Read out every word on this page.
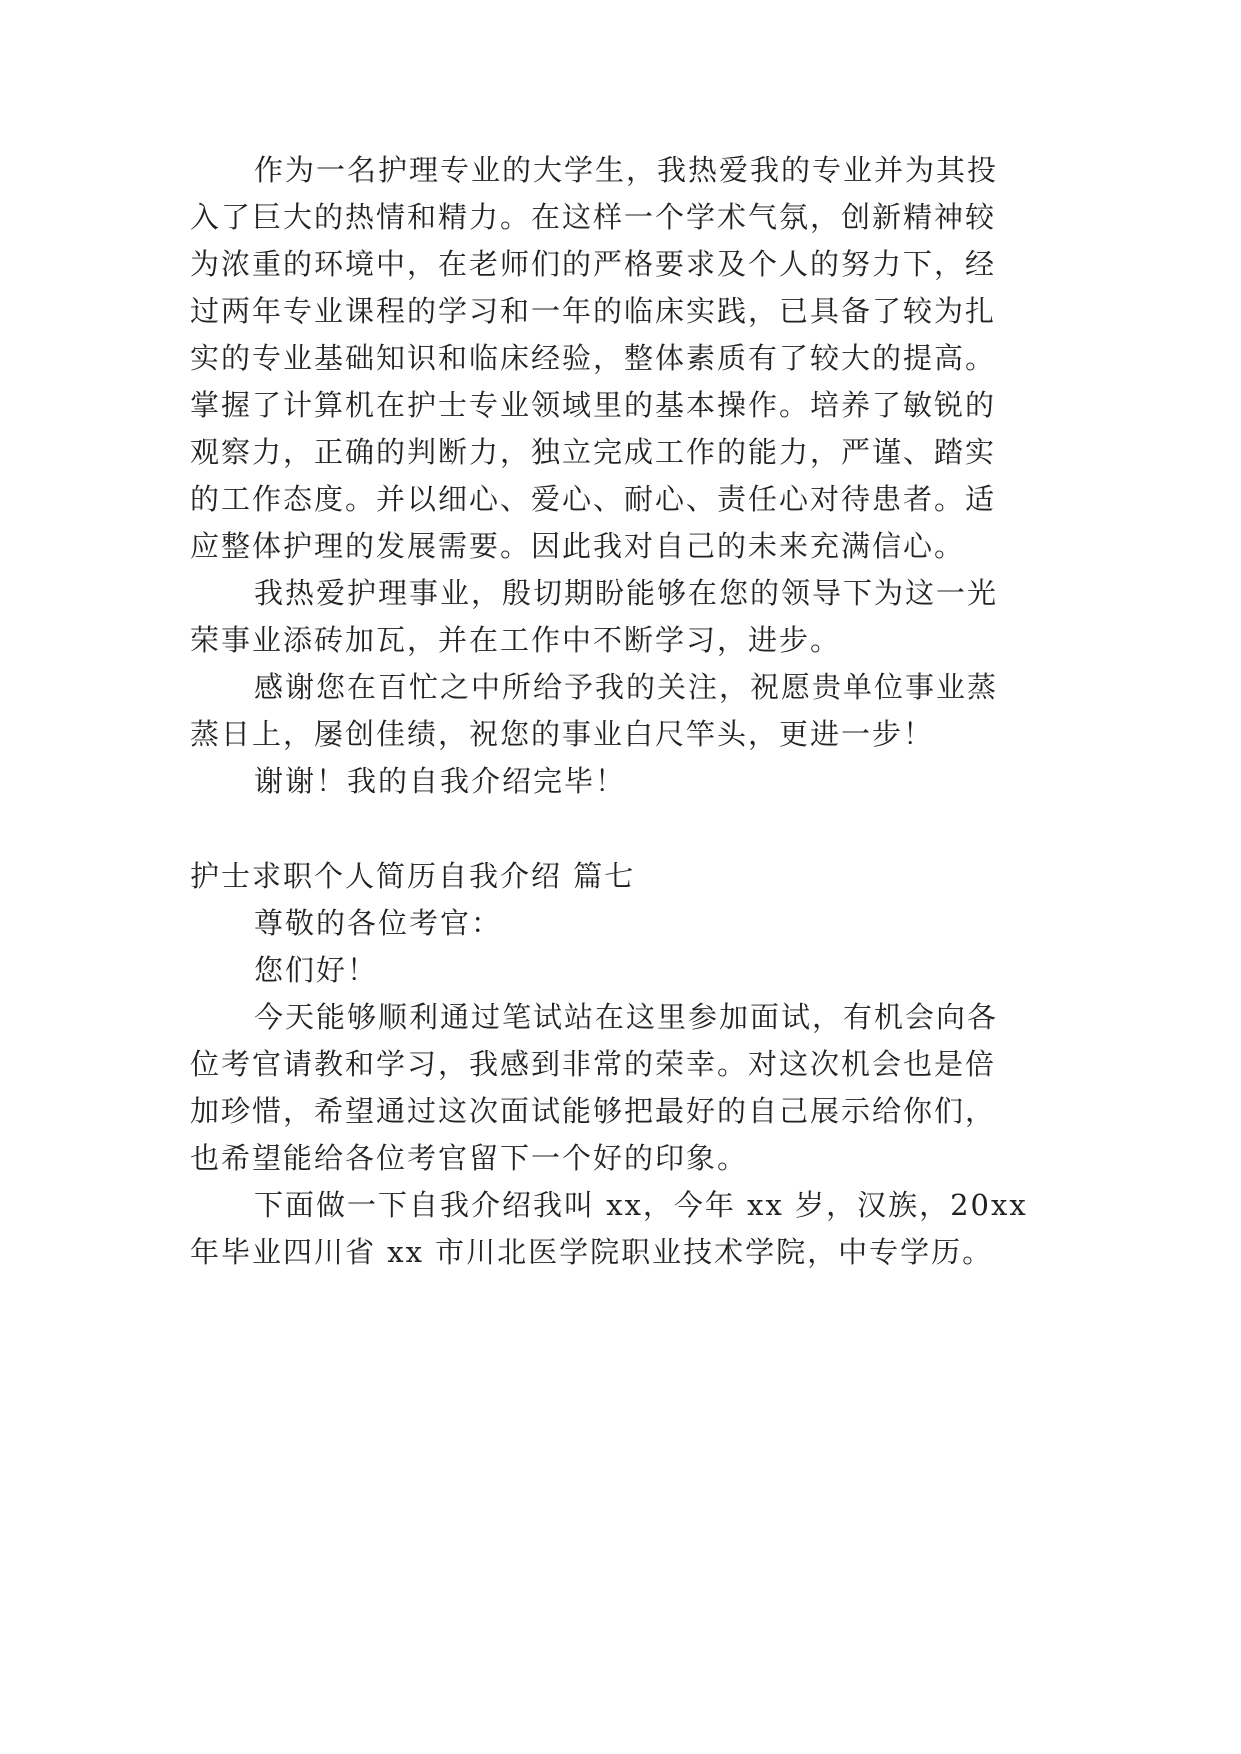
作为一名护理专业的大学生，我热爱我的专业并为其投
入了巨大的热情和精力。在这样一个学术气氛，创新精神较
为浓重的环境中，在老师们的严格要求及个人的努力下，经
过两年专业课程的学习和一年的临床实践，已具备了较为扎
实的专业基础知识和临床经验，整体素质有了较大的提高。
掌握了计算机在护士专业领域里的基本操作。培养了敏锐的
观察力，正确的判断力，独立完成工作的能力，严谨、踏实
的工作态度。并以细心、爱心、耐心、责任心对待患者。适
应整体护理的发展需要。因此我对自己的未来充满信心。
我热爱护理事业，殷切期盼能够在您的领导下为这一光
荣事业添砖加瓦，并在工作中不断学习，进步。
感谢您在百忙之中所给予我的关注，祝愿贵单位事业蒸
蒸日上，屡创佳绩，祝您的事业白尺竿头，更进一步！
谢谢！我的自我介绍完毕！
护士求职个人简历自我介绍 篇七
尊敬的各位考官：
您们好！
今天能够顺利通过笔试站在这里参加面试，有机会向各
位考官请教和学习，我感到非常的荣幸。对这次机会也是倍
加珍惜，希望通过这次面试能够把最好的自己展示给你们，
也希望能给各位考官留下一个好的印象。
下面做一下自我介绍我叫 xx，今年 xx 岁，汉族，20xx
年毕业四川省 xx 市川北医学院职业技术学院，中专学历。
